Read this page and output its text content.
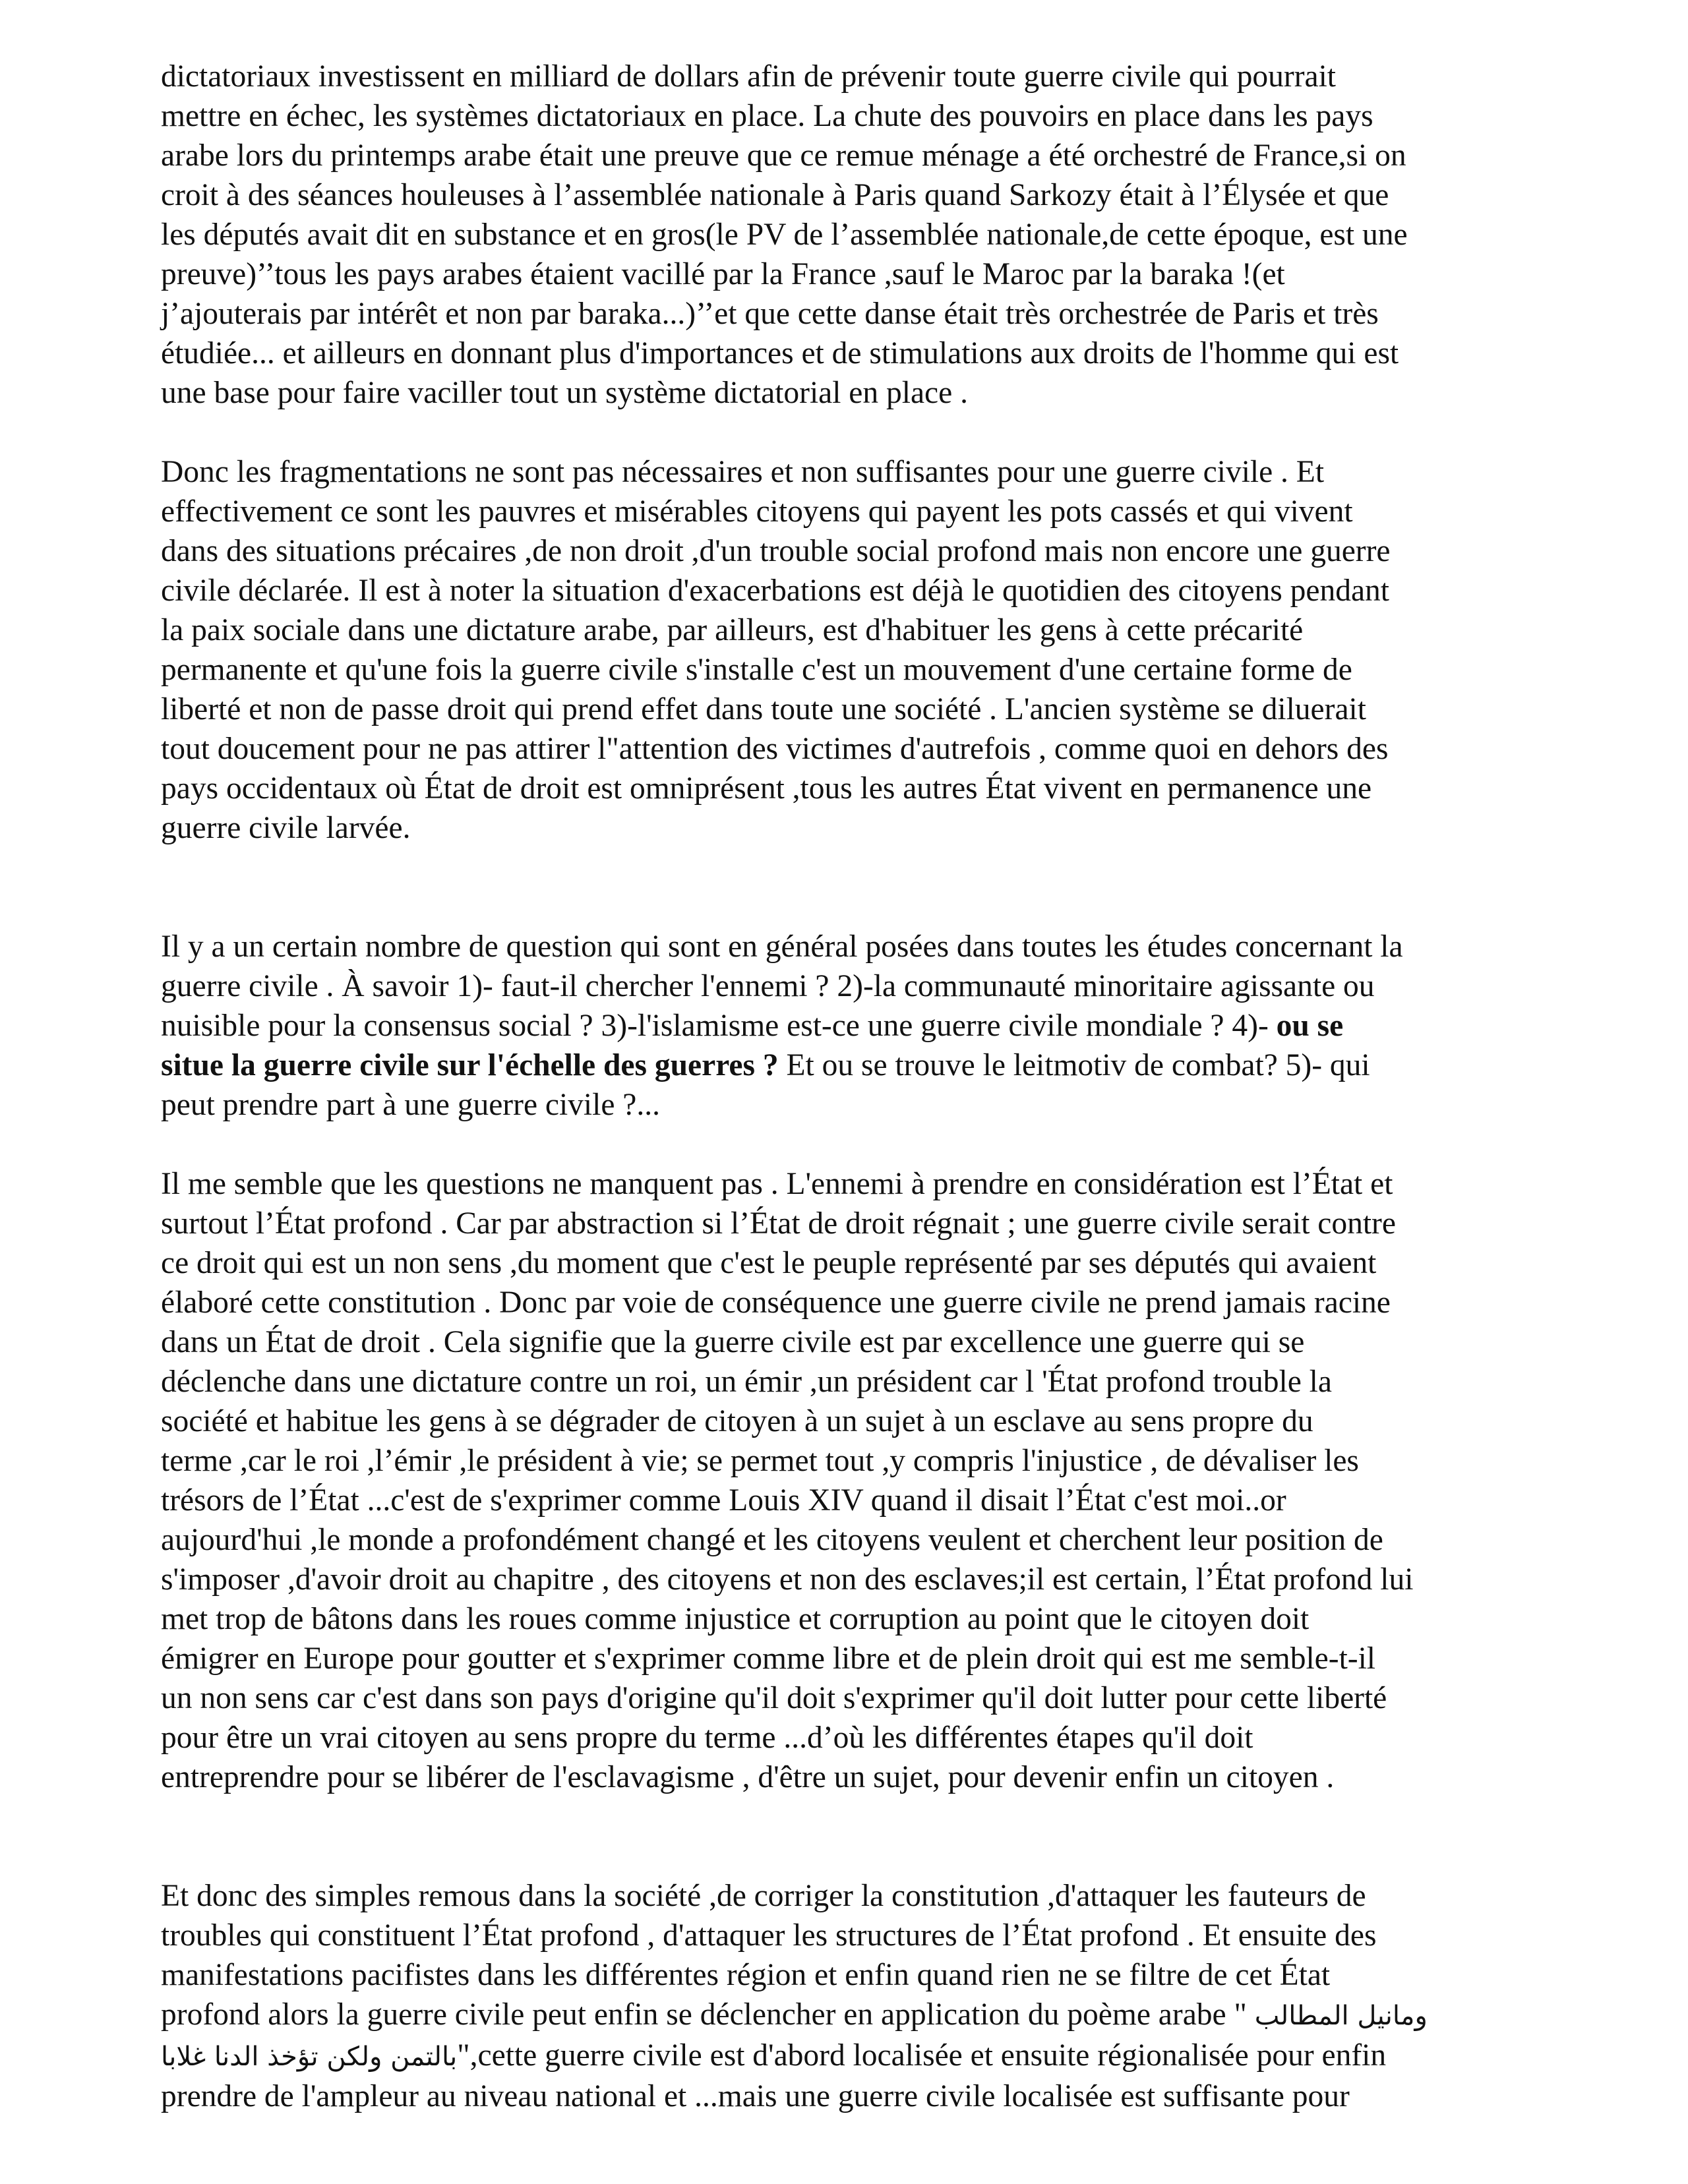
dictatoriaux investissent en milliard de dollars afin de prévenir toute guerre civile qui pourrait
mettre en échec, les systèmes dictatoriaux en place. La chute des pouvoirs en place dans les pays
arabe lors du printemps arabe était une preuve que ce remue ménage a été orchestré de France,si on
croit à des séances houleuses à l’assemblée nationale à Paris quand Sarkozy était à l’Élysée et que
les députés avait dit en substance et en gros(le PV de l’assemblée nationale,de cette époque, est une
preuve)’’tous les pays arabes étaient vacillé par la France ,sauf le Maroc par la baraka !(et
j’ajouterais par intérêt et non par baraka...)’’et que cette danse était très orchestrée de Paris et très
étudiée... et ailleurs en donnant plus d'importances et de stimulations aux droits de l'homme qui est
une base pour faire vaciller tout un système dictatorial en place .

Donc les fragmentations ne sont pas nécessaires et non suffisantes pour une guerre civile . Et
effectivement ce sont les pauvres et misérables citoyens qui payent les pots cassés et qui vivent
dans des situations précaires ,de non droit ,d'un trouble social profond mais non encore une guerre
civile déclarée. Il est à noter la situation d'exacerbations est déjà le quotidien des citoyens pendant
la paix sociale dans une dictature arabe, par ailleurs, est d'habituer les gens à cette précarité
permanente et qu'une fois la guerre civile s'installe c'est un mouvement d'une certaine forme de
liberté et non de passe droit qui prend effet dans toute une société . L'ancien système se diluerait
tout doucement pour ne pas attirer l"attention des victimes d'autrefois , comme quoi en dehors des
pays occidentaux où État de droit est omniprésent ,tous les autres État vivent en permanence une
guerre civile larvée.

Il y a un certain nombre de question qui sont en général posées dans toutes les études concernant la
guerre civile . À savoir 1)- faut-il chercher l'ennemi ? 2)-la communauté minoritaire agissante ou
nuisible pour la consensus social ? 3)-l'islamisme est-ce une guerre civile mondiale ? 4)- ou se
situe la guerre civile sur l'échelle des guerres ? Et ou se trouve le leitmotiv de combat? 5)- qui
peut prendre part à une guerre civile ?...

Il me semble que les questions ne manquent pas . L'ennemi à prendre en considération est l’État et
surtout l’État profond . Car par abstraction si l’État de droit régnait ; une guerre civile serait contre
ce droit qui est un non sens ,du moment que c'est le peuple représenté par ses députés qui avaient
élaboré cette constitution . Donc par voie de conséquence une guerre civile ne prend jamais racine
dans un État de droit . Cela signifie que la guerre civile est par excellence une guerre qui se
déclenche dans une dictature contre un roi, un émir ,un président car l 'État profond trouble la
société et habitue les gens à se dégrader de citoyen à un sujet à un esclave au sens propre du
terme ,car le roi ,l’émir ,le président à vie; se permet tout ,y compris l'injustice , de dévaliser les
trésors de l’État ...c'est de s'exprimer comme Louis XIV quand il disait l’État c'est moi..or
aujourd'hui ,le monde a profondément changé et les citoyens veulent et cherchent leur position de
s'imposer ,d'avoir droit au chapitre , des citoyens et non des esclaves;il est certain, l’État profond lui
met trop de bâtons dans les roues comme injustice et corruption au point que le citoyen doit
émigrer en Europe pour goutter et s'exprimer comme libre et de plein droit qui est me semble-t-il
un non sens car c'est dans son pays d'origine qu'il doit s'exprimer qu'il doit lutter pour cette liberté
pour être un vrai citoyen au sens propre du terme ...d’où les différentes étapes qu'il doit
entreprendre pour se libérer de l'esclavagisme , d'être un sujet, pour devenir enfin un citoyen .

Et donc des simples remous dans la société ,de corriger la constitution ,d'attaquer les fauteurs de
troubles qui constituent l’État profond , d'attaquer les structures de l’État profond . Et ensuite des
manifestations pacifistes dans les différentes région et enfin quand rien ne se filtre de cet État
profond alors la guerre civile peut enfin se déclencher en application du poème arabe " ومانيل المطالب
بالتمن ولكن تؤخذ الدنا غلابا",cette guerre civile est d'abord localisée et ensuite régionalisée pour enfin
prendre de l'ampleur au niveau national et ...mais une guerre civile localisée est suffisante pour
